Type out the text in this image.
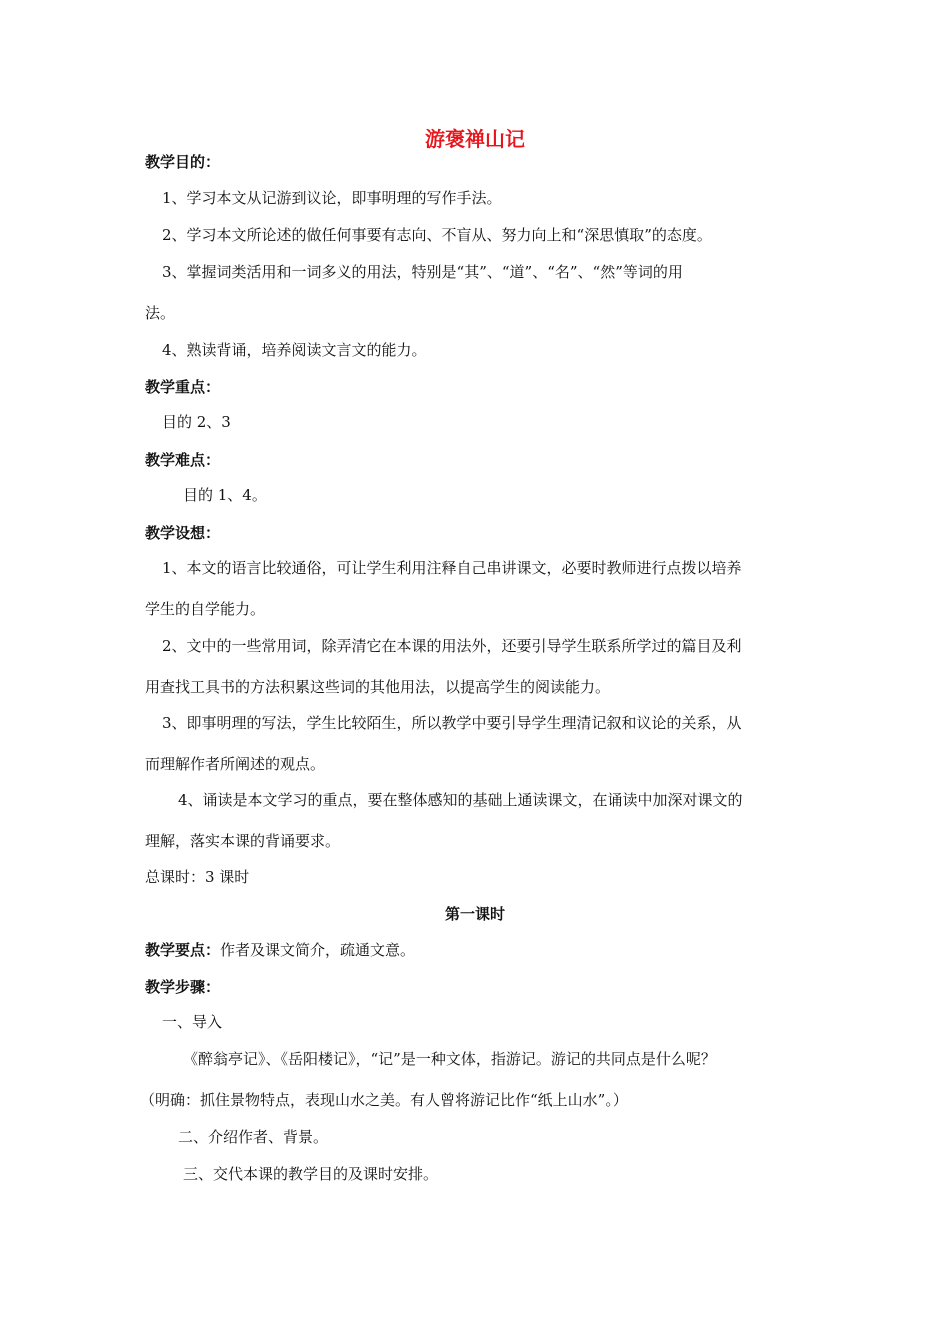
游褒禅山记
教学目的：
1、学习本文从记游到议论，即事明理的写作手法。
2、学习本文所论述的做任何事要有志向、不盲从、努力向上和“深思慎取”的态度。
3、掌握词类活用和一词多义的用法，特别是“其”、“道”、“名”、“然”等词的用
法。
4、熟读背诵，培养阅读文言文的能力。
教学重点：
目的 2、3
教学难点：
目的 1、4。
教学设想：
1、本文的语言比较通俗，可让学生利用注释自己串讲课文，必要时教师进行点拨以培养
学生的自学能力。
2、文中的一些常用词，除弄清它在本课的用法外，还要引导学生联系所学过的篇目及利
用查找工具书的方法积累这些词的其他用法，以提高学生的阅读能力。
3、即事明理的写法，学生比较陌生，所以教学中要引导学生理清记叙和议论的关系，从
而理解作者所阐述的观点。
4、诵读是本文学习的重点，要在整体感知的基础上通读课文，在诵读中加深对课文的
理解，落实本课的背诵要求。
总课时：3 课时
第一课时
教学要点：作者及课文简介，疏通文意。
教学步骤：
一、导入
《醉翁亭记》、《岳阳楼记》，“记”是一种文体，指游记。游记的共同点是什么呢？
（明确：抓住景物特点，表现山水之美。有人曾将游记比作“纸上山水”。）
二、介绍作者、背景。
三、交代本课的教学目的及课时安排。
